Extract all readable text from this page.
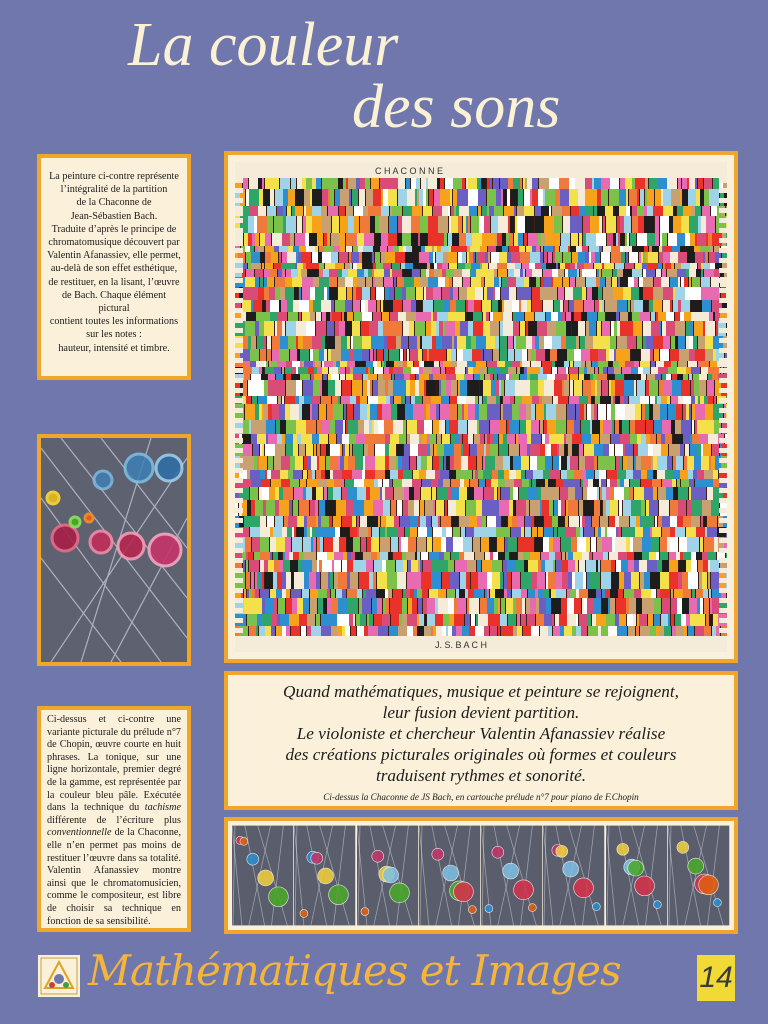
La couleur
des sons
La peinture ci-contre représente
l’intégralité de la partition
de la Chaconne de
Jean-Sébastien Bach.
Traduite d’après le principe de
chromatomusique découvert par
Valentin Afanassiev, elle permet,
au-delà de son effet esthétique,
de restituer, en la lisant, l’œuvre
de Bach. Chaque élément pictural
contient toutes les informations
sur les notes :
hauteur, intensité et timbre.
Ci-dessus et ci-contre une variante picturale du prélude n°7 de Chopin, œuvre courte en huit phrases. La tonique, sur une ligne horizontale, premier degré de la gamme, est représentée par la couleur bleu pâle. Exécutée dans la technique du tachisme différente de l’écriture plus conventionnelle de la Chaconne, elle n’en permet pas moins de restituer l’œuvre dans sa totalité. Valentin Afanassiev montre ainsi que le chromatomusicien, comme le compositeur, est libre de choisir sa technique en fonction de sa sensibilité.
C H A C O N N E
J. S. B A C H
Quand mathématiques, musique et peinture se rejoignent,
leur fusion devient partition.
Le violoniste et chercheur Valentin Afanassiev réalise
des créations picturales originales où formes et couleurs
traduisent rythmes et sonorité.
Ci-dessus la Chaconne de JS Bach, en cartouche prélude n°7 pour piano de F.Chopin
Mathématiques et Images	14
